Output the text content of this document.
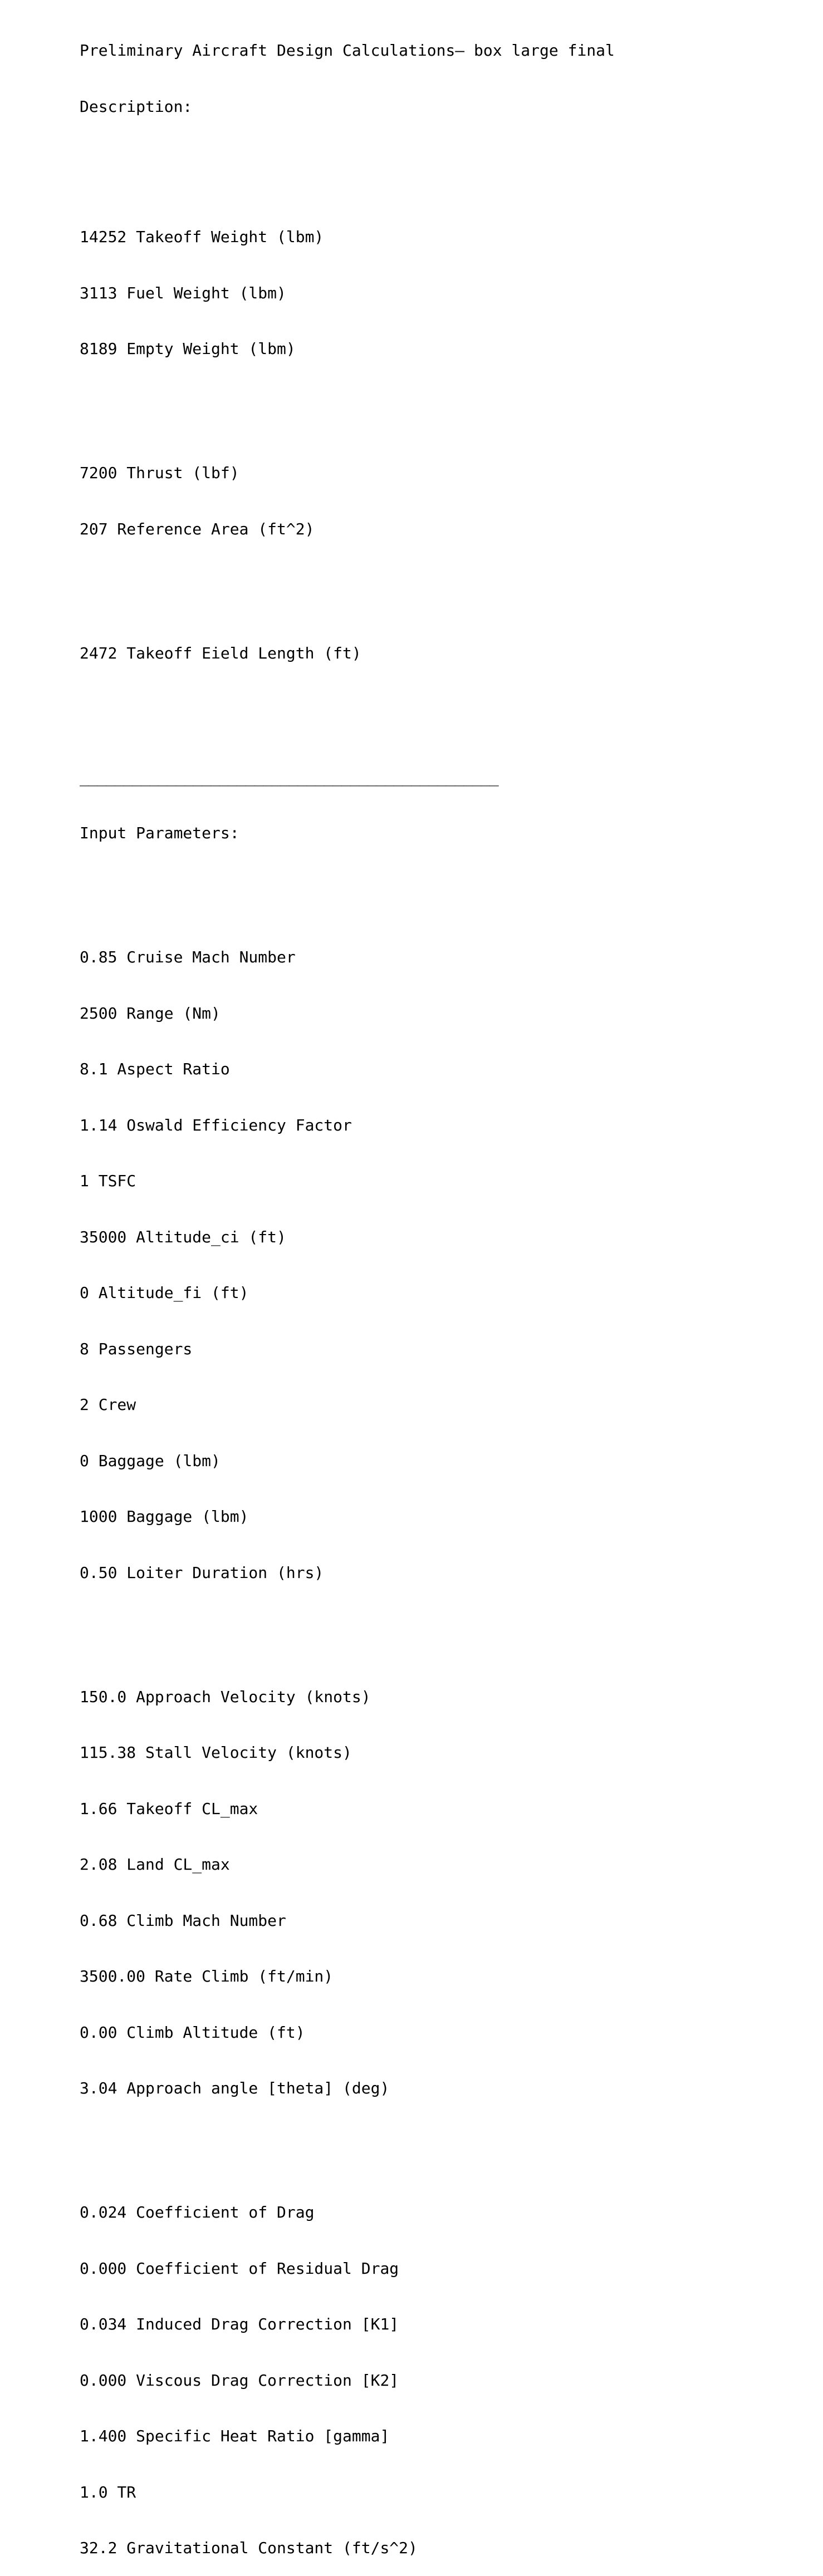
Preliminary Aircraft Design Calculations– box large final

Description:

14252 Takeoff Weight (lbm)

3113 Fuel Weight (lbm)

8189 Empty Weight (lbm)

7200 Thrust (lbf)

207 Reference Area (ft^2)

2472 Takeoff Eield Length (ft)

________________________________________________

Input Parameters:

0.85 Cruise Mach Number

2500 Range (Nm)

8.1 Aspect Ratio

1.14 Oswald Efficiency Factor

1 TSFC

35000 Altitude_ci (ft)

0 Altitude_fi (ft)

8 Passengers

2 Crew

0 Baggage (lbm)

1000 Baggage (lbm)

0.50 Loiter Duration (hrs)

150.0 Approach Velocity (knots)

115.38 Stall Velocity (knots)

1.66 Takeoff CL_max

2.08 Land CL_max

0.68 Climb Mach Number

3500.00 Rate Climb (ft/min)

0.00 Climb Altitude (ft)

3.04 Approach angle [theta] (deg)

0.024 Coefficient of Drag

0.000 Coefficient of Residual Drag

0.034 Induced Drag Correction [K1]

0.000 Viscous Drag Correction [K2]

1.400 Specific Heat Ratio [gamma]

1.0 TR

32.2 Gravitational Constant (ft/s^2)
